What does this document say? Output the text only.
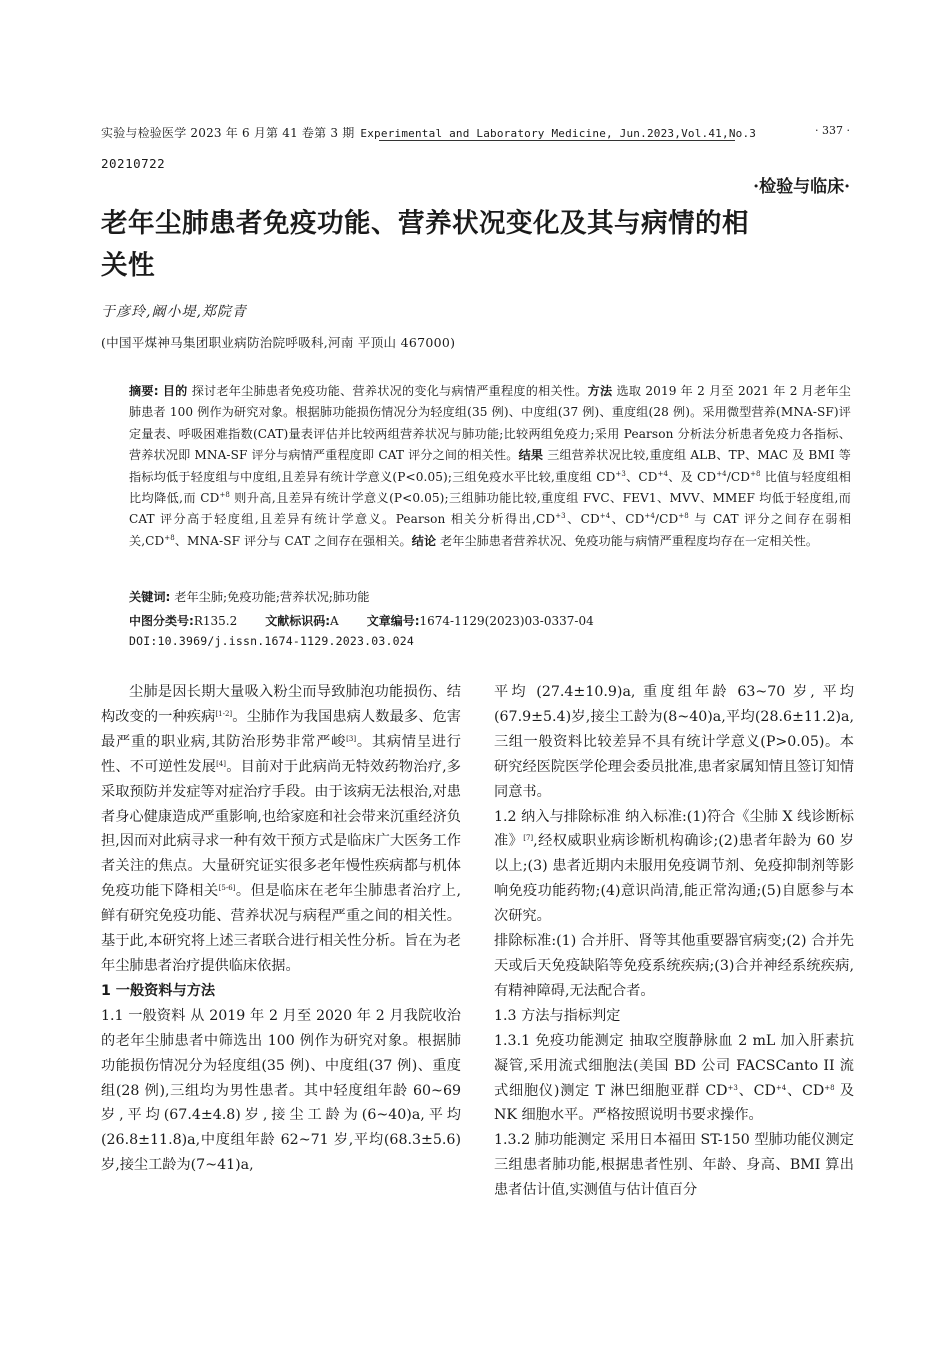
实验与检验医学 2023 年 6 月第 41 卷第 3 期 Experimental and Laboratory Medicine, Jun.2023,Vol.41,No.3	· 337 ·
20210722
·检验与临床·
老年尘肺患者免疫功能、营养状况变化及其与病情的相关性
于彦玲,阚小堤,郑院青
(中国平煤神马集团职业病防治院呼吸科,河南 平顶山 467000)
摘要: 目的 探讨老年尘肺患者免疫功能、营养状况的变化与病情严重程度的相关性。方法 选取 2019 年 2 月至 2021 年 2 月老年尘肺患者 100 例作为研究对象。根据肺功能损伤情况分为轻度组(35 例)、中度组(37 例)、重度组(28 例)。采用微型营养(MNA-SF)评定量表、呼吸困难指数(CAT)量表评估并比较两组营养状况与肺功能;比较两组免疫力;采用 Pearson 分析法分析患者免疫力各指标、营养状况即 MNA-SF 评分与病情严重程度即 CAT 评分之间的相关性。结果 三组营养状况比较,重度组 ALB、TP、MAC 及 BMI 等指标均低于轻度组与中度组,且差异有统计学意义(P<0.05);三组免疫水平比较,重度组 $CD^{+3}$、$CD^{+4}$、及 $CD^{+4}/CD^{+8}$ 比值与轻度组相比均降低,而 $CD^{+8}$ 则升高,且差异有统计学意义(P<0.05);三组肺功能比较,重度组 FVC、FEV1、MVV、MMEF 均低于轻度组,而 CAT 评分高于轻度组,且差异有统计学意义。Pearson 相关分析得出$,CD^{+3}$、$CD^{+4}$、$CD^{+4}/CD^{+8}$ 与 CAT 评分之间存在弱相关$,CD^{+8}$、MNA-SF 评分与 CAT 之间存在强相关。结论 老年尘肺患者营养状况、免疫功能与病情严重程度均存在一定相关性。
关键词: 老年尘肺;免疫功能;营养状况;肺功能
中图分类号:R135.2 文献标识码:A 文章编号:1674-1129(2023)03-0337-04
DOI:10.3969/j.issn.1674-1129.2023.03.024

尘肺是因长期大量吸入粉尘而导致肺泡功能损伤、结构改变的一种疾病[1-2]。尘肺作为我国患病人数最多、危害最严重的职业病,其防治形势非常严峻[3]。其病情呈进行性、不可逆性发展[4]。目前对于此病尚无特效药物治疗,多采取预防并发症等对症治疗手段。由于该病无法根治,对患者身心健康造成严重影响,也给家庭和社会带来沉重经济负担,因而对此病寻求一种有效干预方式是临床广大医务工作者关注的焦点。大量研究证实很多老年慢性疾病都与机体免疫功能下降相关[5-6]。但是临床在老年尘肺患者治疗上,鲜有研究免疫功能、营养状况与病程严重之间的相关性。基于此,本研究将上述三者联合进行相关性分析。旨在为老年尘肺患者治疗提供临床依据。

1 一般资料与方法

1.1 一般资料 从 2019 年 2 月至 2020 年 2 月我院收治的老年尘肺患者中筛选出 100 例作为研究对象。根据肺功能损伤情况分为轻度组(35 例)、中度组(37 例)、重度组(28 例),三组均为男性患者。其中轻度组年龄 60~69 岁,平均(67.4±4.8)岁,接尘工龄为(6~40)a,平均(26.8±11.8)a,中度组年龄 62~71 岁,平均(68.3±5.6)岁,接尘工龄为(7~41)a,

平均 (27.4±10.9)a, 重度组年龄 63~70 岁, 平均(67.9±5.4)岁,接尘工龄为(8~40)a,平均(28.6±11.2)a,三组一般资料比较差异不具有统计学意义(P>0.05)。本研究经医院医学伦理会委员批准,患者家属知情且签订知情同意书。

1.2 纳入与排除标准 纳入标准:(1)符合《尘肺 X 线诊断标准》[7],经权威职业病诊断机构确诊;(2)患者年龄为 60 岁以上;(3) 患者近期内未服用免疫调节剂、免疫抑制剂等影响免疫功能药物;(4)意识尚清,能正常沟通;(5)自愿参与本次研究。

排除标准:(1) 合并肝、肾等其他重要器官病变;(2) 合并先天或后天免疫缺陷等免疫系统疾病;(3)合并神经系统疾病,有精神障碍,无法配合者。

1.3 方法与指标判定

1.3.1 免疫功能测定 抽取空腹静脉血 2 mL 加入肝素抗凝管,采用流式细胞法(美国 BD 公司 FACSCanto II 流式细胞仪)测定 T 淋巴细胞亚群 $CD^{+3}$、$CD^{+4}$、$CD^{+8}$ 及 NK 细胞水平。严格按照说明书要求操作。

1.3.2 肺功能测定 采用日本福田 ST-150 型肺功能仪测定三组患者肺功能,根据患者性别、年龄、身高、BMI 算出患者估计值,实测值与估计值百分
